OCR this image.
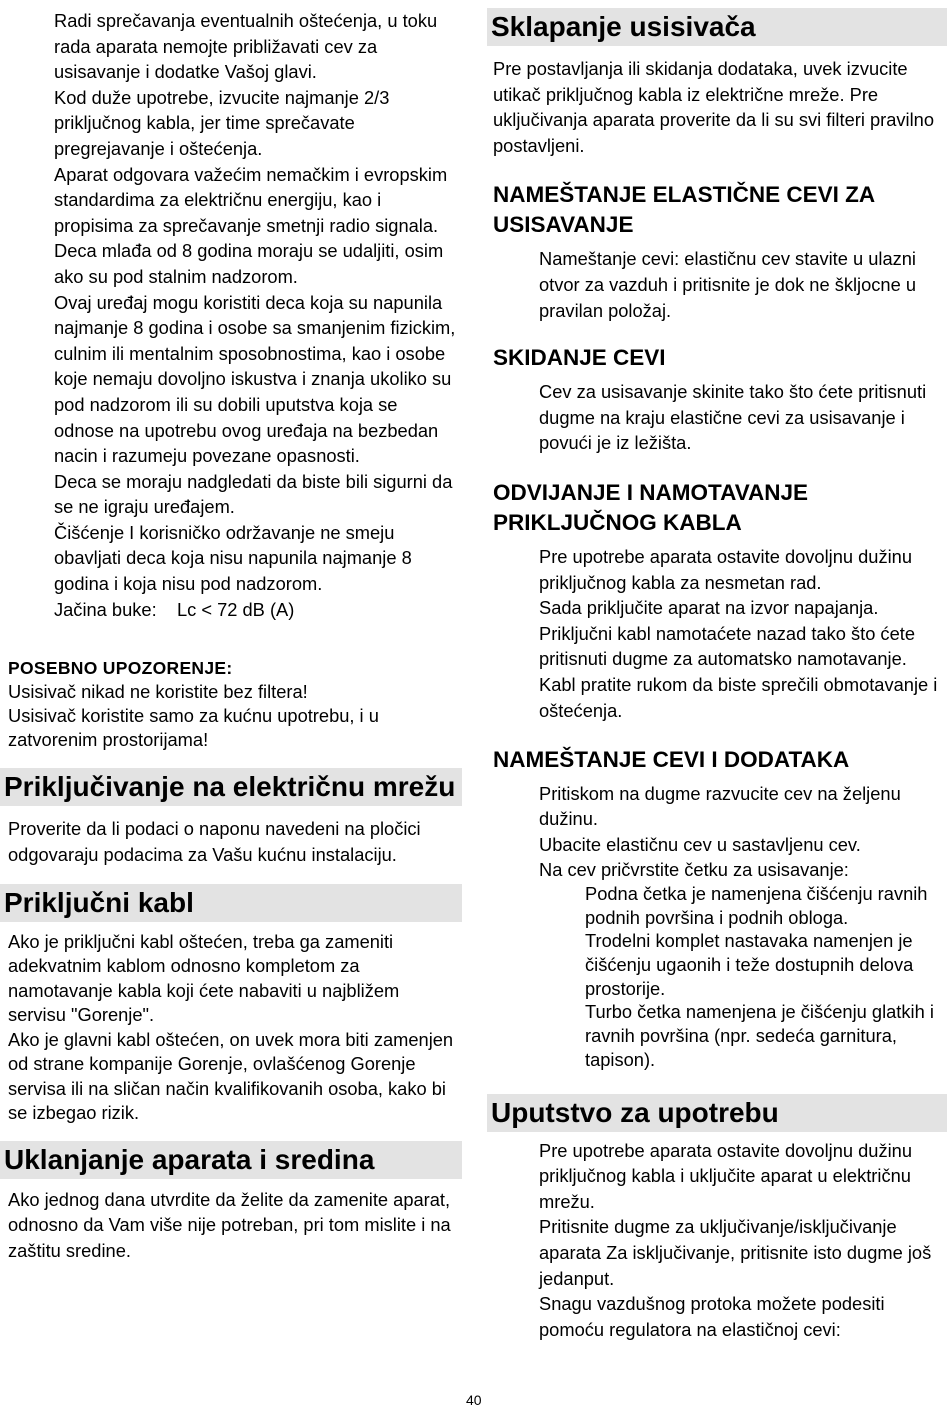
Radi sprečavanja eventualnih oštećenja, u toku rada aparata nemojte približavati cev za usisavanje i dodatke Vašoj glavi.

Kod duže upotrebe, izvucite najmanje 2/3 priključnog kabla, jer time sprečavate pregrejavanje i oštećenja.

Aparat odgovara važećim nemačkim i evropskim standardima za električnu energiju, kao i propisima za sprečavanje smetnji radio signala.

Deca mlađa od 8 godina moraju se udaljiti, osim ako su pod stalnim nadzorom.

Ovaj uređaj mogu koristiti deca koja su napunila najmanje 8 godina i osobe sa smanjenim fizickim, culnim ili mentalnim sposobnostima, kao i osobe koje nemaju dovoljno iskustva i znanja ukoliko su pod nadzorom ili su dobili uputstva koja se odnose na upotrebu ovog uređaja na bezbedan nacin i razumeju povezane opasnosti.

Deca se moraju nadgledati da biste bili sigurni da se ne igraju uređajem.

Čišćenje I korisničko održavanje ne smeju obavljati deca koja nisu napunila najmanje 8 godina i koja nisu pod nadzorom.

Jačina buke:    Lc < 72 dB (A)

POSEBNO UPOZORENJE:

Usisivač nikad ne koristite bez filtera!

Usisivač koristite samo za kućnu upotrebu, i u zatvorenim prostorijama!

Priključivanje na električnu mrežu

Proverite da li podaci o naponu navedeni na pločici odgovaraju podacima za Vašu kućnu instalaciju.

Priključni kabl

Ako je priključni kabl oštećen, treba ga zameniti adekvatnim kablom odnosno kompletom za namotavanje kabla koji ćete nabaviti u najbližem servisu "Gorenje".

Ako je glavni kabl oštećen, on uvek mora biti zamenjen od strane kompanije Gorenje, ovlašćenog Gorenje servisa ili na sličan način kvalifikovanih osoba, kako bi se izbegao rizik.

Uklanjanje aparata i sredina

Ako jednog dana utvrdite da želite da zamenite aparat, odnosno da Vam više nije potreban, pri tom mislite i na zaštitu sredine.

Sklapanje usisivača

Pre postavljanja ili skidanja dodataka, uvek izvucite utikač priključnog kabla iz električne mreže. Pre uključivanja aparata proverite da li su svi filteri pravilno postavljeni.

NAMEŠTANJE ELASTIČNE CEVI ZA USISAVANJE

Nameštanje cevi: elastičnu cev stavite u ulazni otvor za vazduh i pritisnite je dok ne škljocne u pravilan položaj.

SKIDANJE CEVI

Cev za usisavanje skinite tako što ćete pritisnuti dugme na kraju elastične cevi za usisavanje i povući je iz ležišta.

ODVIJANJE I NAMOTAVANJE PRIKLJUČNOG KABLA

Pre upotrebe aparata ostavite dovoljnu dužinu priključnog kabla za nesmetan rad.

Sada priključite aparat na izvor napajanja.

Priključni kabl namotaćete nazad tako što ćete pritisnuti dugme za automatsko namotavanje. Kabl pratite rukom da biste sprečili obmotavanje i oštećenja.

NAMEŠTANJE CEVI I DODATAKA

Pritiskom na dugme razvucite cev na željenu dužinu.

Ubacite elastičnu cev u sastavljenu cev.

Na cev pričvrstite četku za usisavanje:

Podna četka je namenjena čišćenju ravnih podnih površina i podnih obloga.

Trodelni komplet nastavaka namenjen je čišćenju ugaonih i teže dostupnih delova prostorije.

Turbo četka namenjena je čišćenju glatkih i ravnih površina (npr. sedeća garnitura, tapison).

Uputstvo za upotrebu

Pre upotrebe aparata ostavite dovoljnu dužinu priključnog kabla i uključite aparat u električnu mrežu.

Pritisnite dugme za uključivanje/isključivanje aparata Za isključivanje, pritisnite isto dugme još jedanput.

Snagu vazdušnog protoka možete podesiti pomoću regulatora na elastičnoj cevi:

40
